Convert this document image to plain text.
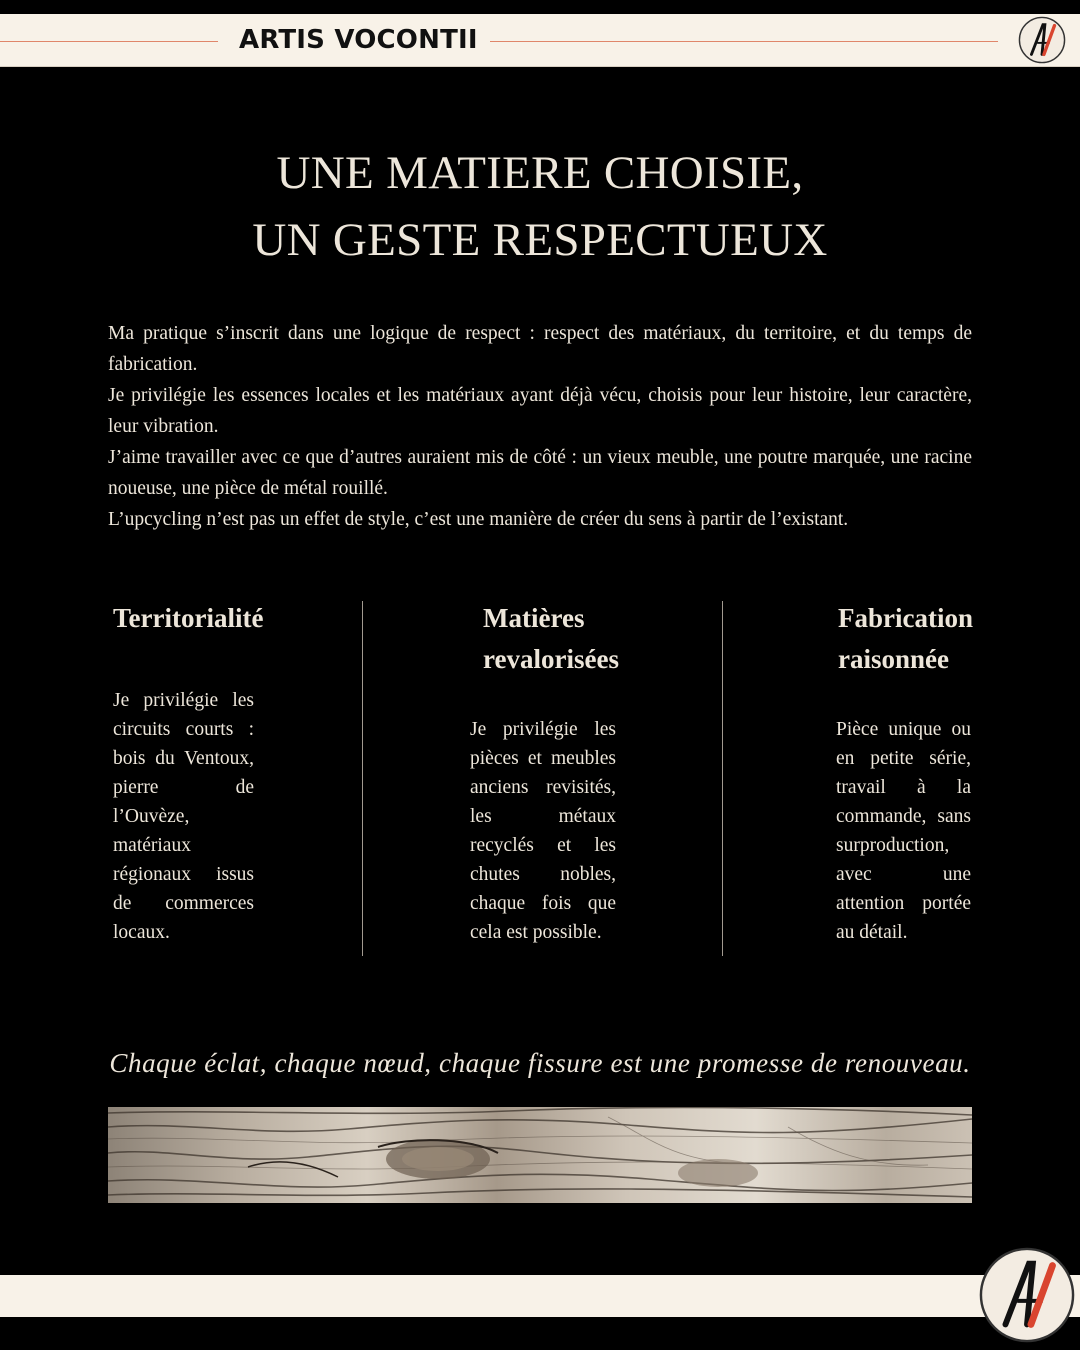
ARTIS VOCONTII
UNE MATIERE CHOISIE,
UN GESTE RESPECTUEUX

Ma pratique s’inscrit dans une logique de respect : respect des matériaux, du territoire, et du temps de fabrication.

Je privilégie les essences locales et les matériaux ayant déjà vécu, choisis pour leur histoire, leur caractère, leur vibration.

J’aime travailler avec ce que d’autres auraient mis de côté : un vieux meuble, une poutre marquée, une racine noueuse, une pièce de métal rouillé.

L’upcycling n’est pas un effet de style, c’est une manière de créer du sens à partir de l’existant.

Territorialité

Je privilégie les circuits courts : bois du Ventoux, pierre de l’Ouvèze, matériaux régionaux issus de commerces locaux.

Matières revalorisées

Je privilégie les pièces et meubles anciens revisités, les métaux recyclés et les chutes nobles, chaque fois que cela est possible.

Fabrication raisonnée

Pièce unique ou en petite série, travail à la commande, sans surproduction, avec une attention portée au détail.

Chaque éclat, chaque nœud, chaque fissure est une promesse de renouveau.
